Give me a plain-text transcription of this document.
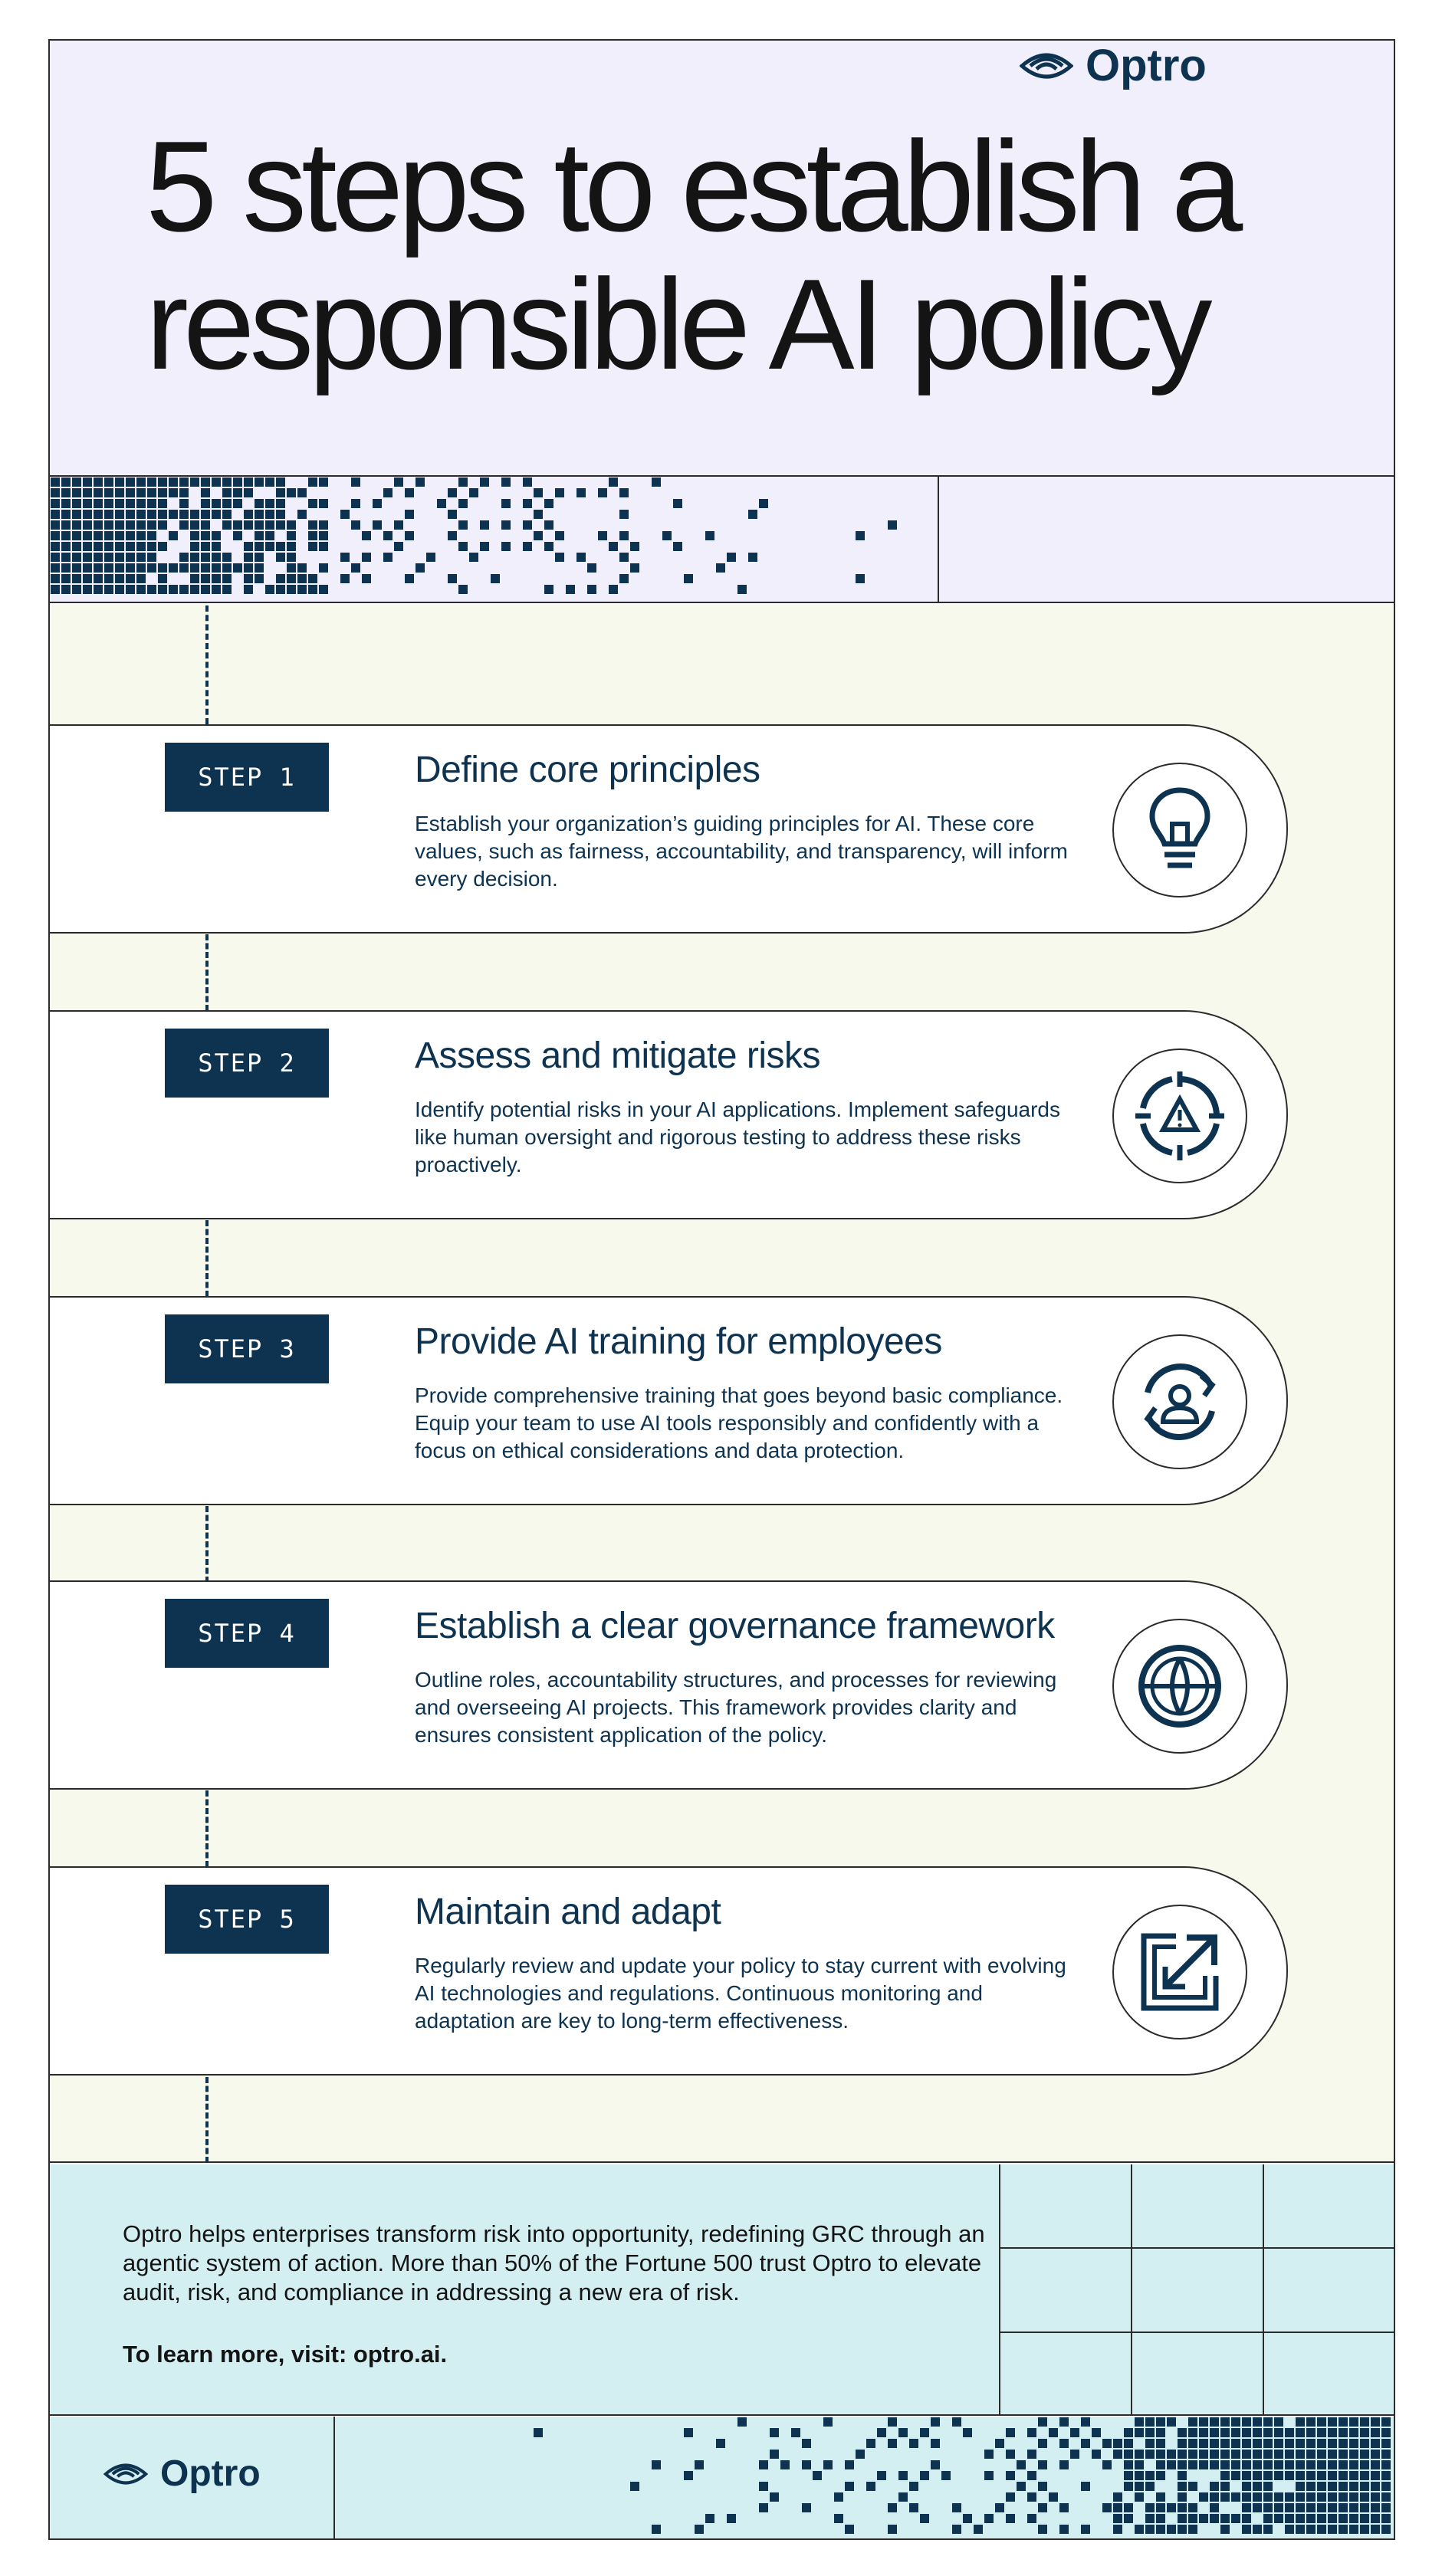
5 steps to establish a responsible AI policy
Optro
STEP 1	Define core principles
Establish your organization’s guiding principles for AI. These core values, such as fairness, accountability, and transparency, will inform every decision.
STEP 2	Assess and mitigate risks
Identify potential risks in your AI applications. Implement safeguards like human oversight and rigorous testing to address these risks proactively.
STEP 3	Provide AI training for employees
Provide comprehensive training that goes beyond basic compliance. Equip your team to use AI tools responsibly and confidently with a focus on ethical considerations and data protection.
STEP 4	Establish a clear governance framework
Outline roles, accountability structures, and processes for reviewing and overseeing AI projects. This framework provides clarity and ensures consistent application of the policy.
STEP 5	Maintain and adapt
Regularly review and update your policy to stay current with evolving AI technologies and regulations. Continuous monitoring and adaptation are key to long-term effectiveness.
Optro helps enterprises transform risk into opportunity, redefining GRC through an agentic system of action. More than 50% of the Fortune 500 trust Optro to elevate audit, risk, and compliance in addressing a new era of risk.
To learn more, visit: optro.ai.
Optro
